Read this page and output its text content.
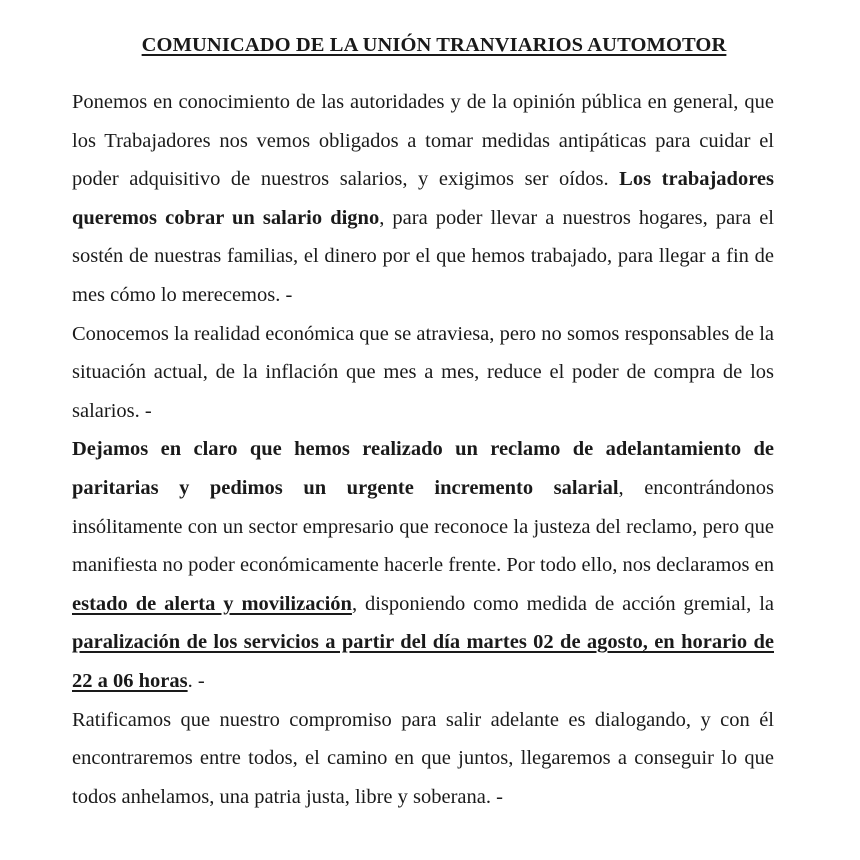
COMUNICADO DE LA UNIÓN TRANVIARIOS AUTOMOTOR

Ponemos en conocimiento de las autoridades y de la opinión pública en general, que los Trabajadores nos vemos obligados a tomar medidas antipáticas para cuidar el poder adquisitivo de nuestros salarios, y exigimos ser oídos. Los trabajadores queremos cobrar un salario digno, para poder llevar a nuestros hogares, para el sostén de nuestras familias, el dinero por el que hemos trabajado, para llegar a fin de mes cómo lo merecemos. -

Conocemos la realidad económica que se atraviesa, pero no somos responsables de la situación actual, de la inflación que mes a mes, reduce el poder de compra de los salarios. -

Dejamos en claro que hemos realizado un reclamo de adelantamiento de paritarias y pedimos un urgente incremento salarial, encontrándonos insólitamente con un sector empresario que reconoce la justeza del reclamo, pero que manifiesta no poder económicamente hacerle frente. Por todo ello, nos declaramos en estado de alerta y movilización, disponiendo como medida de acción gremial, la paralización de los servicios a partir del día martes 02 de agosto, en horario de 22 a 06 horas. -

Ratificamos que nuestro compromiso para salir adelante es dialogando, y con él encontraremos entre todos, el camino en que juntos, llegaremos a conseguir lo que todos anhelamos, una patria justa, libre y soberana. -
